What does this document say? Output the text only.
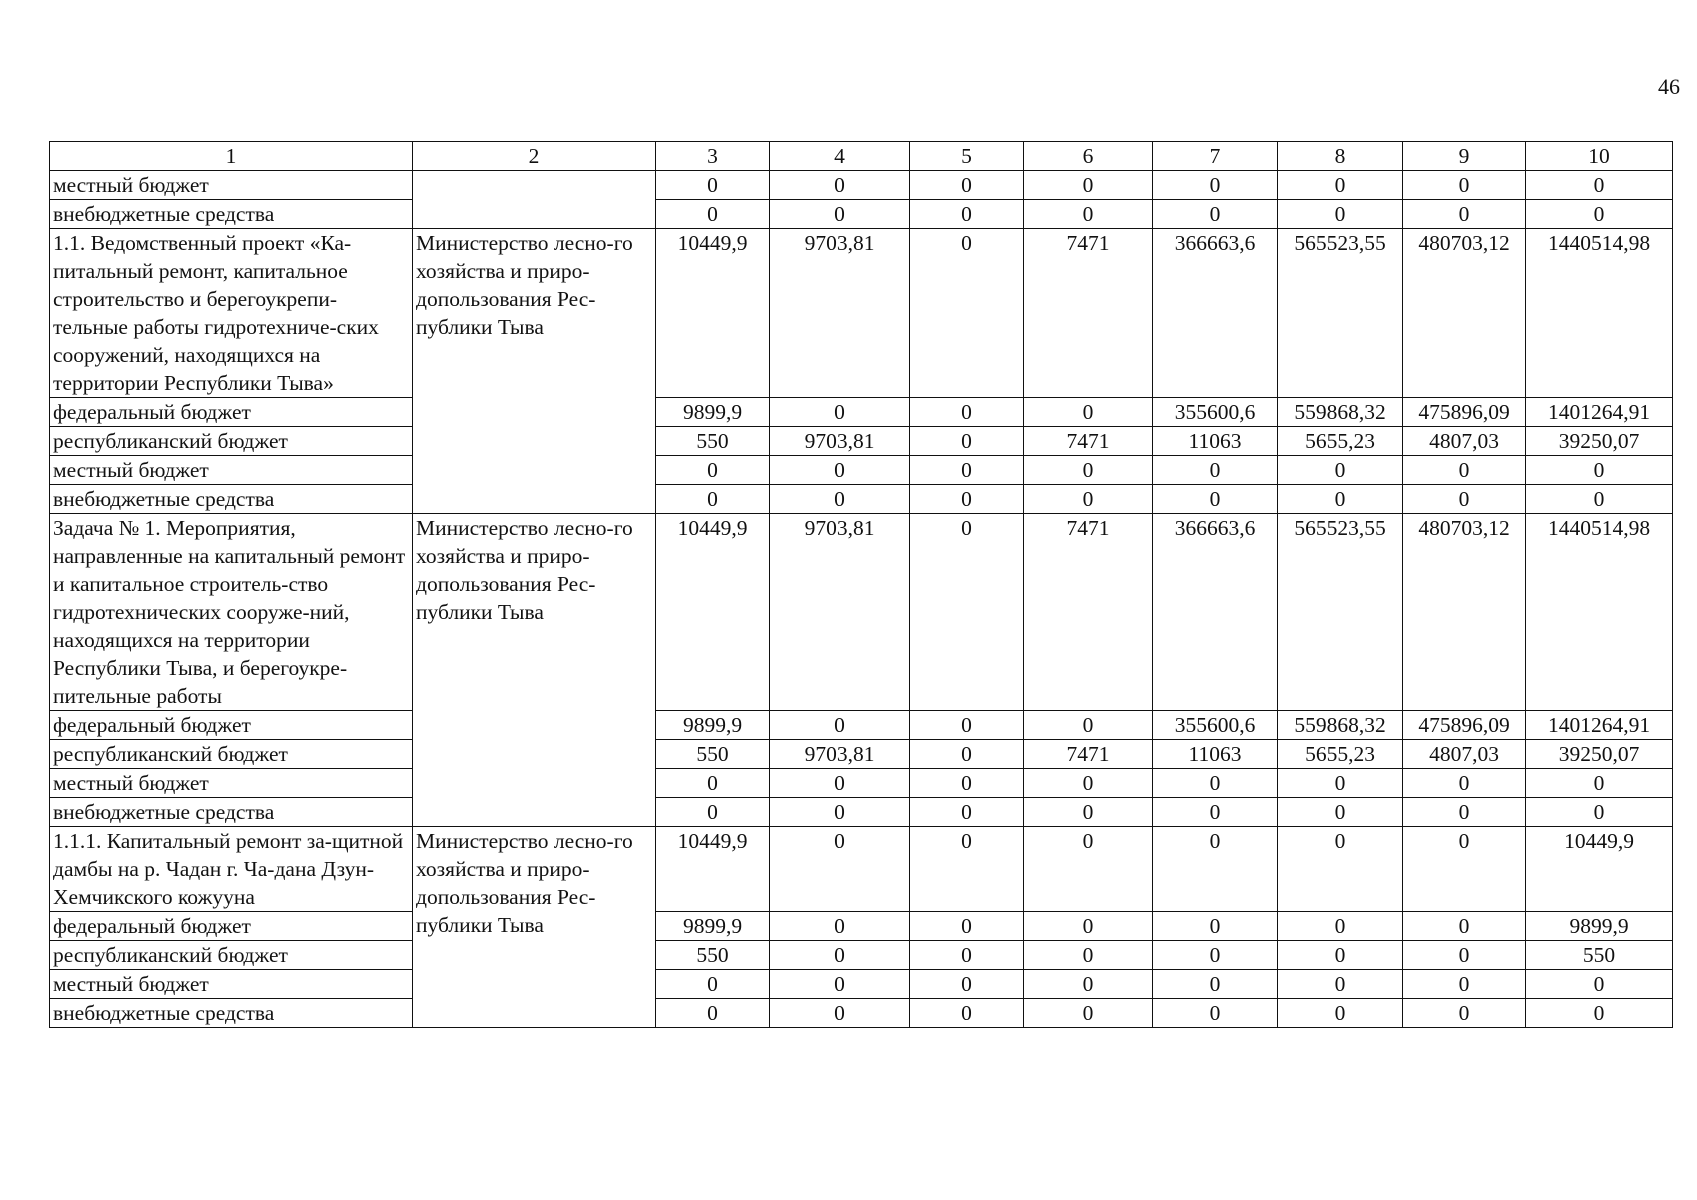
46
1	2	3	4	5	6	7	8	9	10
местный бюджет		0	0	0	0	0	0	0	0
внебюджетные средства		0	0	0	0	0	0	0	0
1.1. Ведомственный проект «Ка-питальный ремонт, капитальное строительство и берегоукрепи-тельные работы гидротехниче-ских сооружений, находящихся на территории Республики Тыва»	Министерство лесно-го хозяйства и приро-допользования Рес-публики Тыва	10449,9	9703,81	0	7471	366663,6	565523,55	480703,12	1440514,98
федеральный бюджет		9899,9	0	0	0	355600,6	559868,32	475896,09	1401264,91
республиканский бюджет		550	9703,81	0	7471	11063	5655,23	4807,03	39250,07
местный бюджет		0	0	0	0	0	0	0	0
внебюджетные средства		0	0	0	0	0	0	0	0
Задача № 1. Мероприятия, направленные на капитальный ремонт и капитальное строитель-ство гидротехнических сооруже-ний, находящихся на территории Республики Тыва, и берегоукре-пительные работы	Министерство лесно-го хозяйства и приро-допользования Рес-публики Тыва	10449,9	9703,81	0	7471	366663,6	565523,55	480703,12	1440514,98
федеральный бюджет		9899,9	0	0	0	355600,6	559868,32	475896,09	1401264,91
республиканский бюджет		550	9703,81	0	7471	11063	5655,23	4807,03	39250,07
местный бюджет		0	0	0	0	0	0	0	0
внебюджетные средства		0	0	0	0	0	0	0	0
1.1.1. Капитальный ремонт за-щитной дамбы на р. Чадан г. Ча-дана Дзун-Хемчикского кожууна	Министерство лесно-го хозяйства и приро-допользования Рес-публики Тыва	10449,9	0	0	0	0	0	0	10449,9
федеральный бюджет		9899,9	0	0	0	0	0	0	9899,9
республиканский бюджет		550	0	0	0	0	0	0	550
местный бюджет		0	0	0	0	0	0	0	0
внебюджетные средства		0	0	0	0	0	0	0	0
